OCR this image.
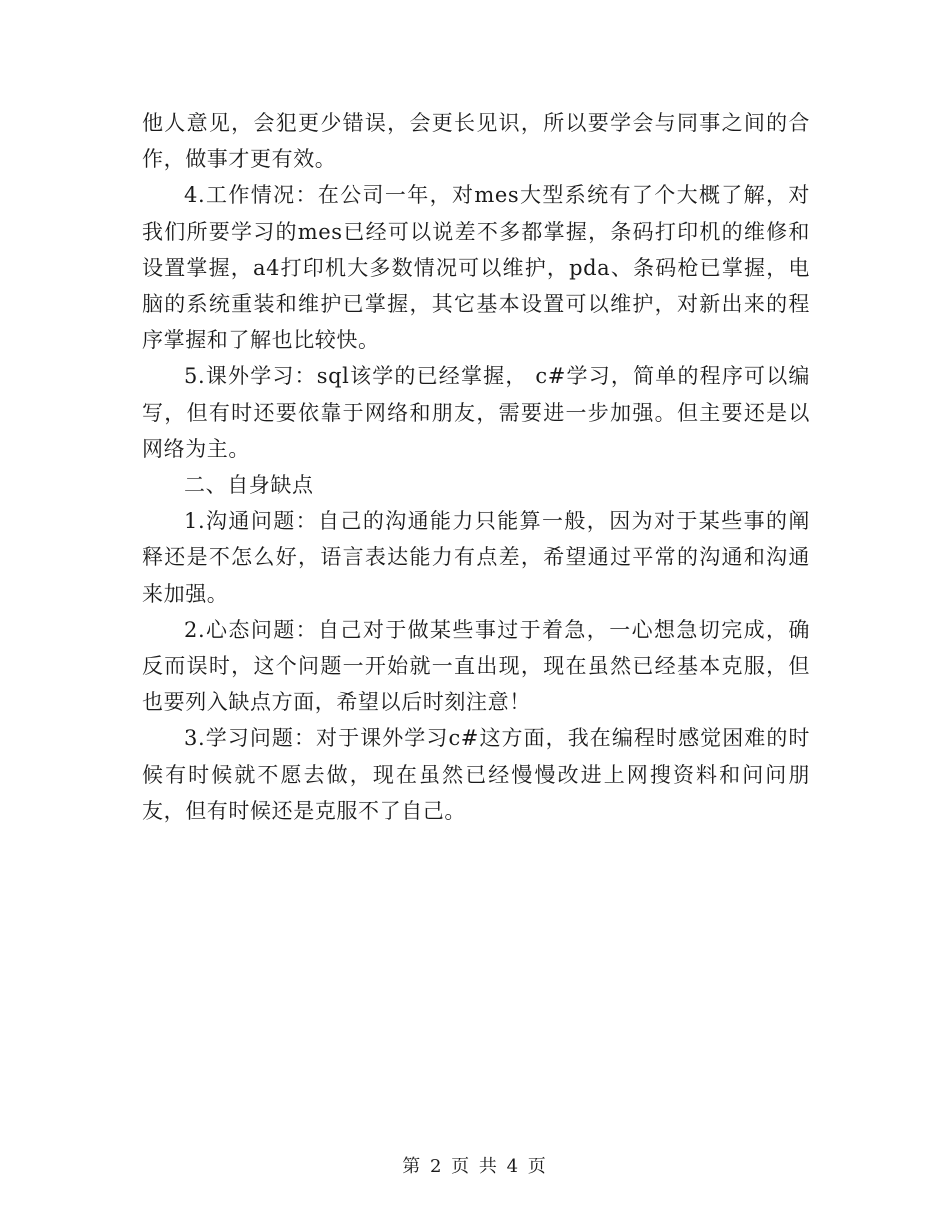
他人意见，会犯更少错误，会更长见识，所以要学会与同事之间的合作，做事才更有效。

4.工作情况：在公司一年，对mes大型系统有了个大概了解，对我们所要学习的mes已经可以说差不多都掌握，条码打印机的维修和设置掌握，a4打印机大多数情况可以维护，pda、条码枪已掌握，电脑的系统重装和维护已掌握，其它基本设置可以维护，对新出来的程序掌握和了解也比较快。

5.课外学习：sql该学的已经掌握， c#学习，简单的程序可以编写，但有时还要依靠于网络和朋友，需要进一步加强。但主要还是以网络为主。

二、自身缺点

1.沟通问题：自己的沟通能力只能算一般，因为对于某些事的阐释还是不怎么好，语言表达能力有点差，希望通过平常的沟通和沟通来加强。

2.心态问题：自己对于做某些事过于着急，一心想急切完成，确反而误时，这个问题一开始就一直出现，现在虽然已经基本克服，但也要列入缺点方面，希望以后时刻注意！

3.学习问题：对于课外学习c#这方面，我在编程时感觉困难的时候有时候就不愿去做，现在虽然已经慢慢改进上网搜资料和问问朋友，但有时候还是克服不了自己。

第 2 页 共 4 页
